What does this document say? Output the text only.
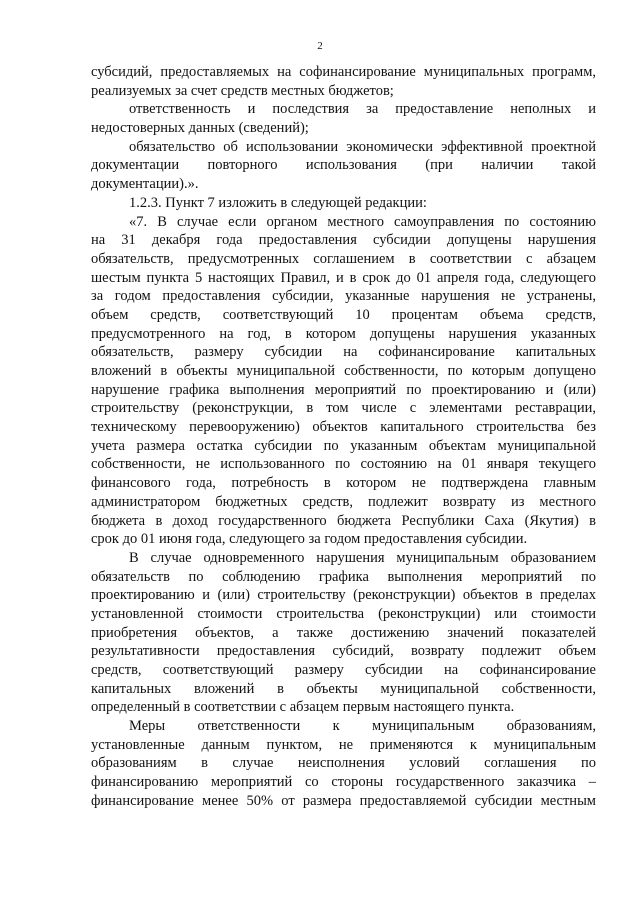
2
субсидий, предоставляемых на софинансирование муниципальных программ,
реализуемых за счет средств местных бюджетов;
ответственность и последствия за предоставление неполных и
недостоверных данных (сведений);
обязательство об использовании экономически эффективной проектной
документации повторного использования (при наличии такой
документации).».
1.2.3. Пункт 7 изложить в следующей редакции:
«7. В случае если органом местного самоуправления по состоянию
на 31 декабря года предоставления субсидии допущены нарушения
обязательств, предусмотренных соглашением в соответствии с абзацем
шестым пункта 5 настоящих Правил, и в срок до 01 апреля года, следующего
за годом предоставления субсидии, указанные нарушения не устранены,
объем средств, соответствующий 10 процентам объема средств,
предусмотренного на год, в котором допущены нарушения указанных
обязательств, размеру субсидии на софинансирование капитальных
вложений в объекты муниципальной собственности, по которым допущено
нарушение графика выполнения мероприятий по проектированию и (или)
строительству (реконструкции, в том числе с элементами реставрации,
техническому перевооружению) объектов капитального строительства без
учета размера остатка субсидии по указанным объектам муниципальной
собственности, не использованного по состоянию на 01 января текущего
финансового года, потребность в котором не подтверждена главным
администратором бюджетных средств, подлежит возврату из местного
бюджета в доход государственного бюджета Республики Саха (Якутия) в
срок до 01 июня года, следующего за годом предоставления субсидии.
В случае одновременного нарушения муниципальным образованием
обязательств по соблюдению графика выполнения мероприятий по
проектированию и (или) строительству (реконструкции) объектов в пределах
установленной стоимости строительства (реконструкции) или стоимости
приобретения объектов, а также достижению значений показателей
результативности предоставления субсидий, возврату подлежит объем
средств, соответствующий размеру субсидии на софинансирование
капитальных вложений в объекты муниципальной собственности,
определенный в соответствии с абзацем первым настоящего пункта.
Меры ответственности к муниципальным образованиям,
установленные данным пунктом, не применяются к муниципальным
образованиям в случае неисполнения условий соглашения по
финансированию мероприятий со стороны государственного заказчика –
финансирование менее 50% от размера предоставляемой субсидии местным
